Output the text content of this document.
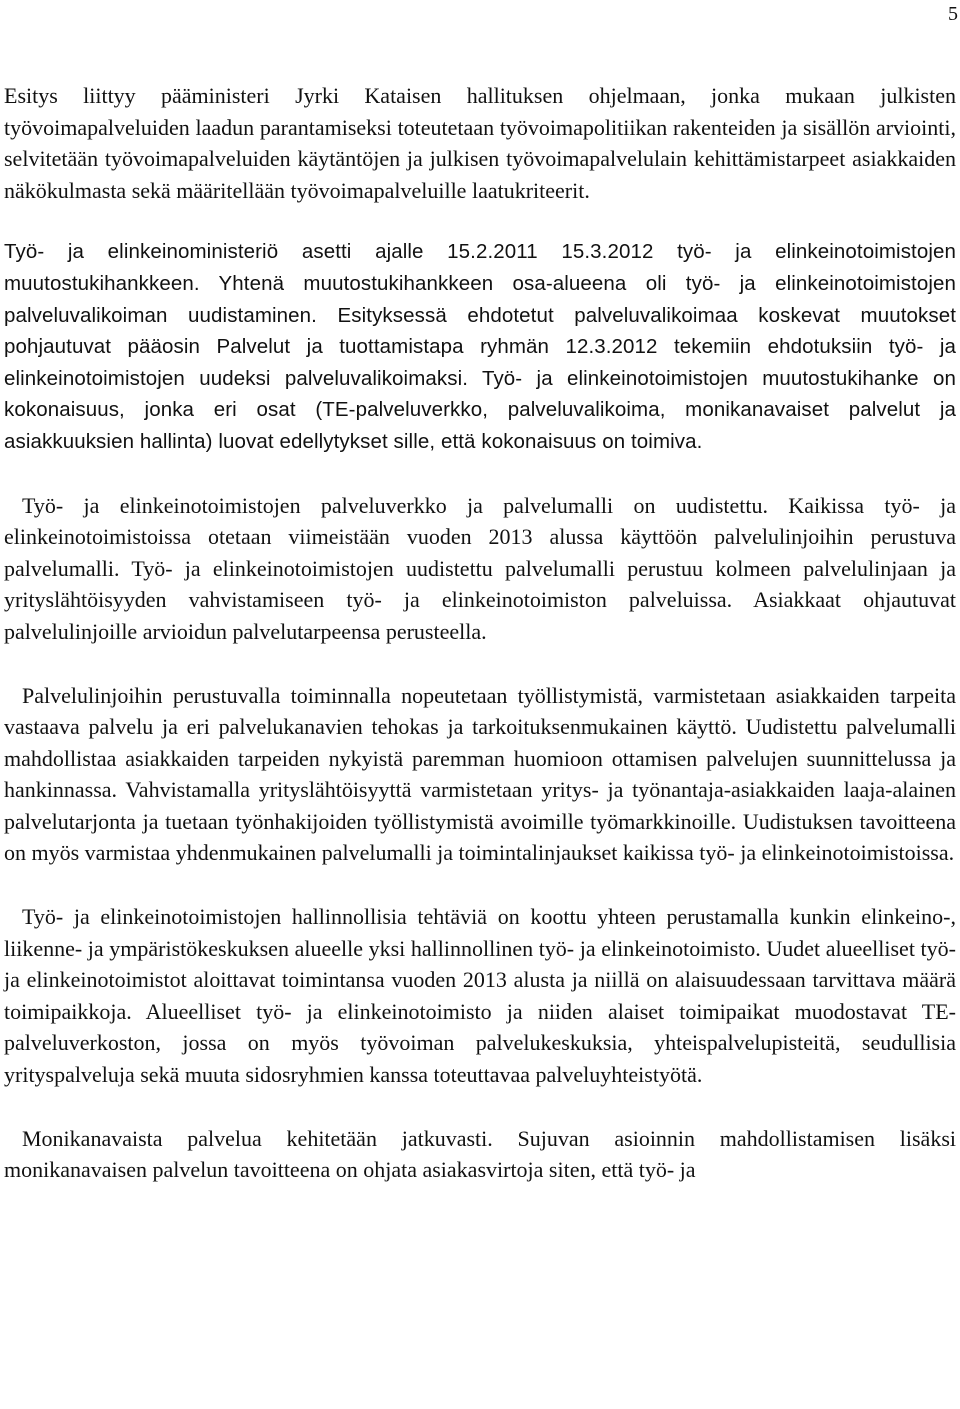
5

Esitys liittyy pääministeri Jyrki Kataisen hallituksen ohjelmaan, jonka mukaan julkisten työvoimapalveluiden laadun parantamiseksi toteutetaan työvoimapolitiikan rakenteiden ja sisällön arviointi, selvitetään työvoimapalveluiden käytäntöjen ja julkisen työvoimapalvelulain kehittämistarpeet asiakkaiden näkökulmasta sekä määritellään työvoimapalveluille laatukriteerit.

Työ- ja elinkeinoministeriö asetti ajalle 15.2.2011 15.3.2012 työ- ja elinkeinotoimistojen muutostukihankkeen. Yhtenä muutostukihankkeen osa-alueena oli työ- ja elinkeinotoimistojen palveluvalikoiman uudistaminen. Esityksessä ehdotetut palveluvalikoimaa koskevat muutokset pohjautuvat pääosin Palvelut ja tuottamistapa ryhmän 12.3.2012 tekemiin ehdotuksiin työ- ja elinkeinotoimistojen uudeksi palveluvalikoimaksi. Työ- ja elinkeinotoimistojen muutostukihanke on kokonaisuus, jonka eri osat (TE-palveluverkko, palveluvalikoima, monikanavaiset palvelut ja asiakkuuksien hallinta) luovat edellytykset sille, että kokonaisuus on toimiva.

Työ- ja elinkeinotoimistojen palveluverkko ja palvelumalli on uudistettu. Kaikissa työ- ja elinkeinotoimistoissa otetaan viimeistään vuoden 2013 alussa käyttöön palvelulinjoihin perustuva palvelumalli. Työ- ja elinkeinotoimistojen uudistettu palvelumalli perustuu kolmeen palvelulinjaan ja yrityslähtöisyyden vahvistamiseen työ- ja elinkeinotoimiston palveluissa. Asiakkaat ohjautuvat palvelulinjoille arvioidun palvelutarpeensa perusteella.

Palvelulinjoihin perustuvalla toiminnalla nopeutetaan työllistymistä, varmistetaan asiakkaiden tarpeita vastaava palvelu ja eri palvelukanavien tehokas ja tarkoituksenmukainen käyttö. Uudistettu palvelumalli mahdollistaa asiakkaiden tarpeiden nykyistä paremman huomioon ottamisen palvelujen suunnittelussa ja hankinnassa. Vahvistamalla yrityslähtöisyyttä varmistetaan yritys- ja työnantaja-asiakkaiden laaja-alainen palvelutarjonta ja tuetaan työnhakijoiden työllistymistä avoimille työmarkkinoille. Uudistuksen tavoitteena on myös varmistaa yhdenmukainen palvelumalli ja toimintalinjaukset kaikissa työ- ja elinkeinotoimistoissa.

Työ- ja elinkeinotoimistojen hallinnollisia tehtäviä on koottu yhteen perustamalla kunkin elinkeino-, liikenne- ja ympäristökeskuksen alueelle yksi hallinnollinen työ- ja elinkeinotoimisto. Uudet alueelliset työ- ja elinkeinotoimistot aloittavat toimintansa vuoden 2013 alusta ja niillä on alaisuudessaan tarvittava määrä toimipaikkoja. Alueelliset työ- ja elinkeinotoimisto ja niiden alaiset toimipaikat muodostavat TE-palveluverkoston, jossa on myös työvoiman palvelukeskuksia, yhteispalvelupisteitä, seudullisia yrityspalveluja sekä muuta sidosryhmien kanssa toteuttavaa palveluyhteistyötä.

Monikanavaista palvelua kehitetään jatkuvasti. Sujuvan asioinnin mahdollistamisen lisäksi monikanavaisen palvelun tavoitteena on ohjata asiakasvirtoja siten, että työ- ja
